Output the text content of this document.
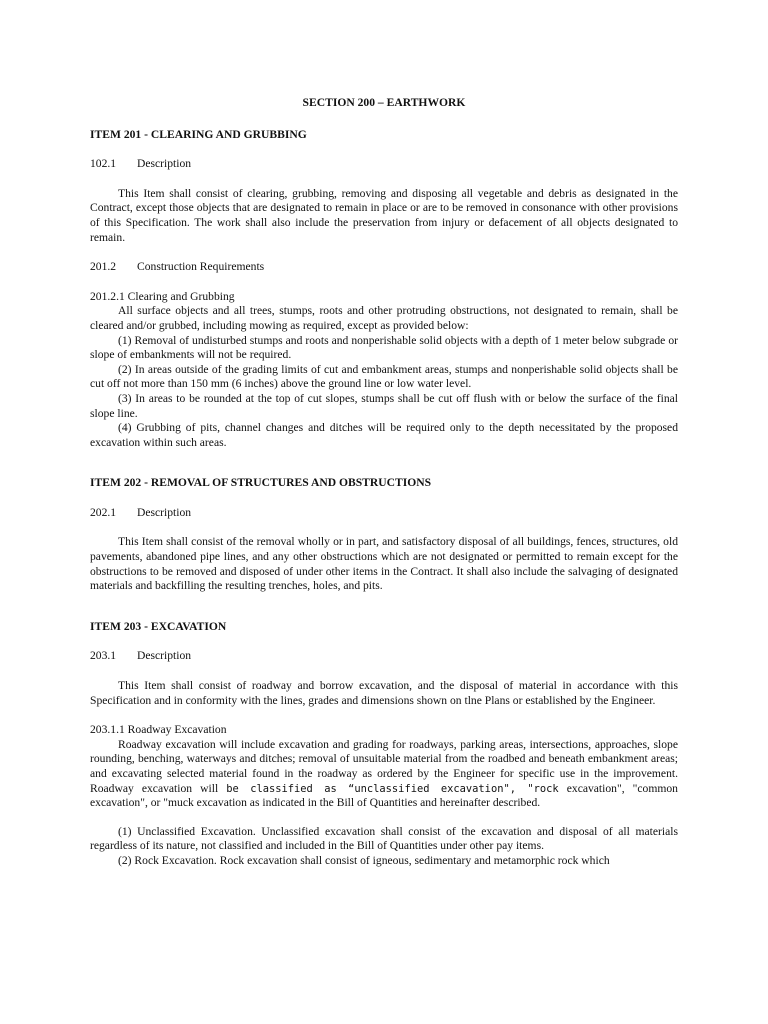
SECTION 200 – EARTHWORK

ITEM 201 - CLEARING AND GRUBBING

102.1 Description

This Item shall consist of clearing, grubbing, removing and disposing all vegetable and debris as designated in the Contract, except those objects that are designated to remain in place or are to be removed in consonance with other provisions of this Specification. The work shall also include the preservation from injury or defacement of all objects designated to remain.

201.2 Construction Requirements

201.2.1 Clearing and Grubbing

All surface objects and all trees, stumps, roots and other protruding obstructions, not designated to remain, shall be cleared and/or grubbed, including mowing as required, except as provided below:

(1) Removal of undisturbed stumps and roots and nonperishable solid objects with a depth of 1 meter below subgrade or slope of embankments will not be required.

(2) In areas outside of the grading limits of cut and embankment areas, stumps and nonperishable solid objects shall be cut off not more than 150 mm (6 inches) above the ground line or low water level.

(3) In areas to be rounded at the top of cut slopes, stumps shall be cut off flush with or below the surface of the final slope line.

(4) Grubbing of pits, channel changes and ditches will be required only to the depth necessitated by the proposed excavation within such areas.

ITEM 202 - REMOVAL OF STRUCTURES AND OBSTRUCTIONS

202.1 Description

This Item shall consist of the removal wholly or in part, and satisfactory disposal of all buildings, fences, structures, old pavements, abandoned pipe lines, and any other obstructions which are not designated or permitted to remain except for the obstructions to be removed and disposed of under other items in the Contract. It shall also include the salvaging of designated materials and backfilling the resulting trenches, holes, and pits.

ITEM 203 - EXCAVATION

203.1 Description

This Item shall consist of roadway and borrow excavation, and the disposal of material in accordance with this Specification and in conformity with the lines, grades and dimensions shown on tlne Plans or established by the Engineer.

203.1.1 Roadway Excavation

Roadway excavation will include excavation and grading for roadways, parking areas, intersections, approaches, slope rounding, benching, waterways and ditches; removal of unsuitable material from the roadbed and beneath embankment areas; and excavating selected material found in the roadway as ordered by the Engineer for specific use in the improvement. Roadway excavation will be classified as “unclassified excavation", "rock excavation", "common excavation", or "muck excavation as indicated in the Bill of Quantities and hereinafter described.

(1) Unclassified Excavation. Unclassified excavation shall consist of the excavation and disposal of all materials regardless of its nature, not classified and included in the Bill of Quantities under other pay items.

(2) Rock Excavation. Rock excavation shall consist of igneous, sedimentary and metamorphic rock which
